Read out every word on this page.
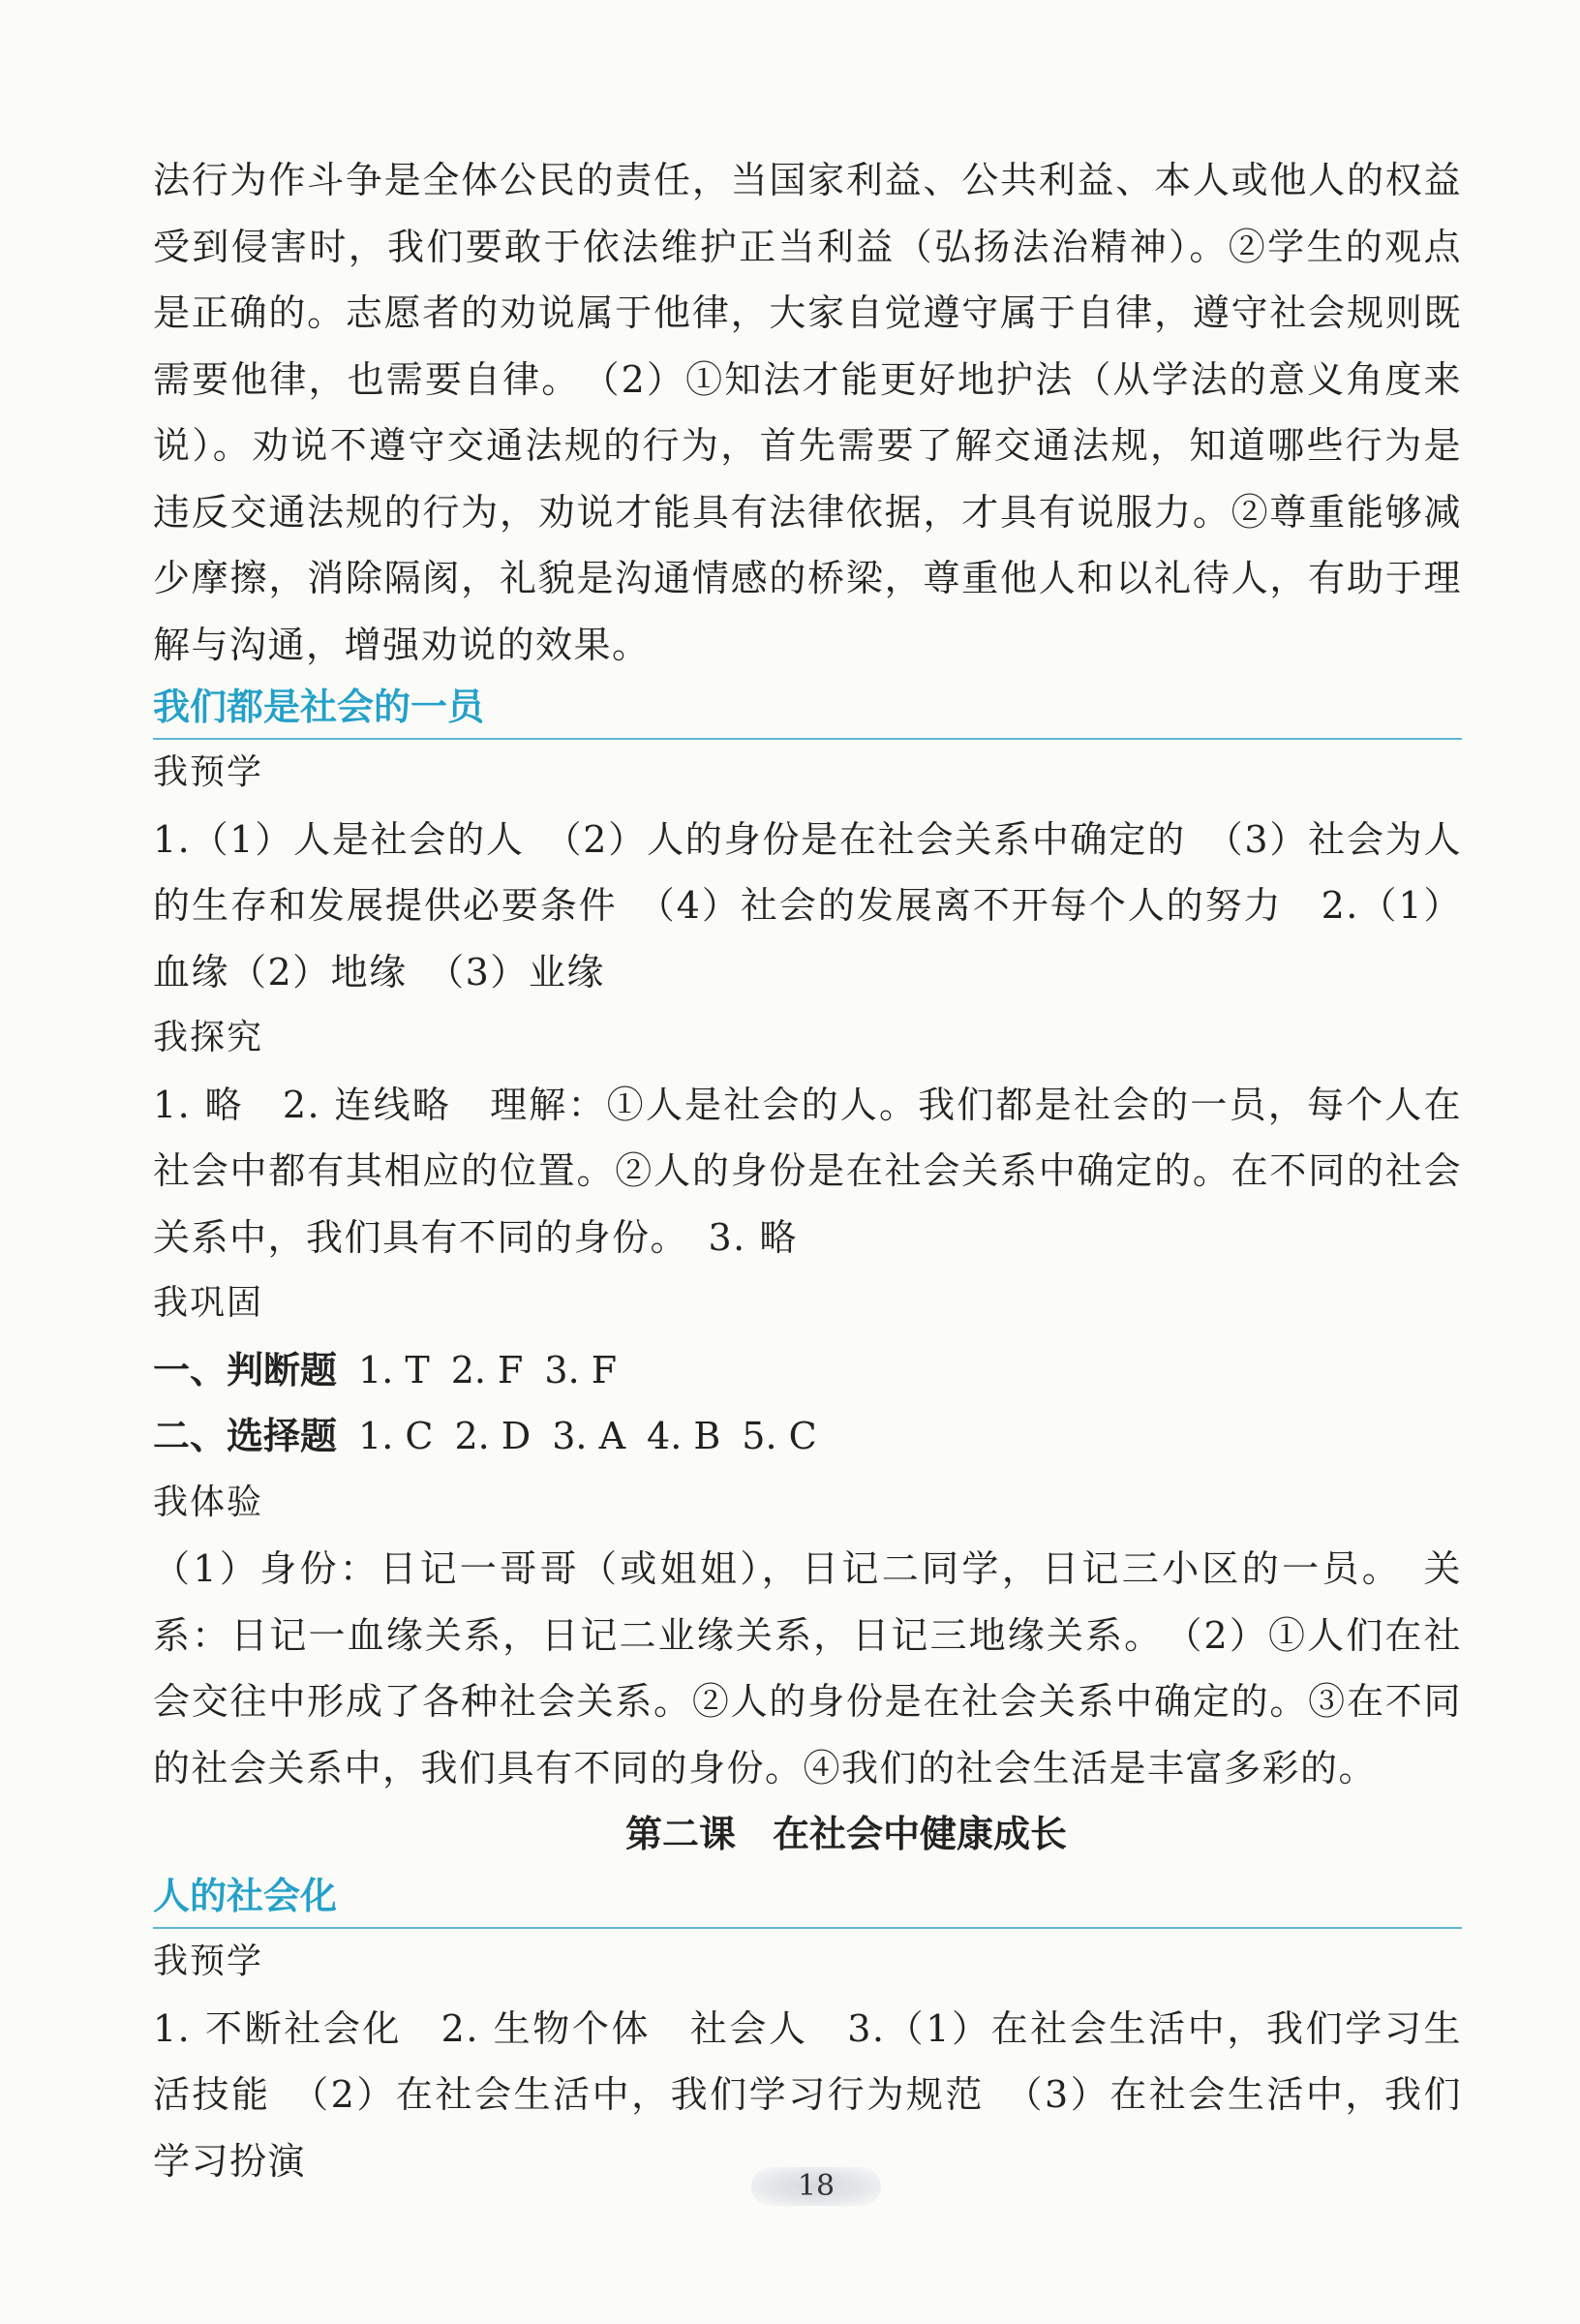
法行为作斗争是全体公民的责任，当国家利益、公共利益、本人或他人的权益受到侵害时，我们要敢于依法维护正当利益（弘扬法治精神）。②学生的观点是正确的。志愿者的劝说属于他律，大家自觉遵守属于自律，遵守社会规则既需要他律，也需要自律。　（2）①知法才能更好地护法（从学法的意义角度来说）。劝说不遵守交通法规的行为，首先需要了解交通法规，知道哪些行为是违反交通法规的行为，劝说才能具有法律依据，才具有说服力。②尊重能够减少摩擦，消除隔阂，礼貌是沟通情感的桥梁，尊重他人和以礼待人，有助于理解与沟通，增强劝说的效果。

我们都是社会的一员

我预学

1.（1）人是社会的人　（2）人的身份是在社会关系中确定的　（3）社会为人的生存和发展提供必要条件　（4）社会的发展离不开每个人的努力　2.（1）血缘（2）地缘　（3）业缘

我探究

1. 略　2. 连线略　理解：①人是社会的人。我们都是社会的一员，每个人在社会中都有其相应的位置。②人的身份是在社会关系中确定的。在不同的社会关系中，我们具有不同的身份。　3. 略

我巩固

一、判断题 1. T 2. F 3. F

二、选择题 1. C 2. D 3. A 4. B 5. C

我体验

（1）身份：日记一哥哥（或姐姐），日记二同学，日记三小区的一员。　关系：日记一血缘关系，日记二业缘关系，日记三地缘关系。　（2）①人们在社会交往中形成了各种社会关系。②人的身份是在社会关系中确定的。③在不同的社会关系中，我们具有不同的身份。④我们的社会生活是丰富多彩的。

第二课　在社会中健康成长
人的社会化

我预学

1. 不断社会化　2. 生物个体　社会人　3.（1）在社会生活中，我们学习生活技能　（2）在社会生活中，我们学习行为规范　（3）在社会生活中，我们学习扮演

18
